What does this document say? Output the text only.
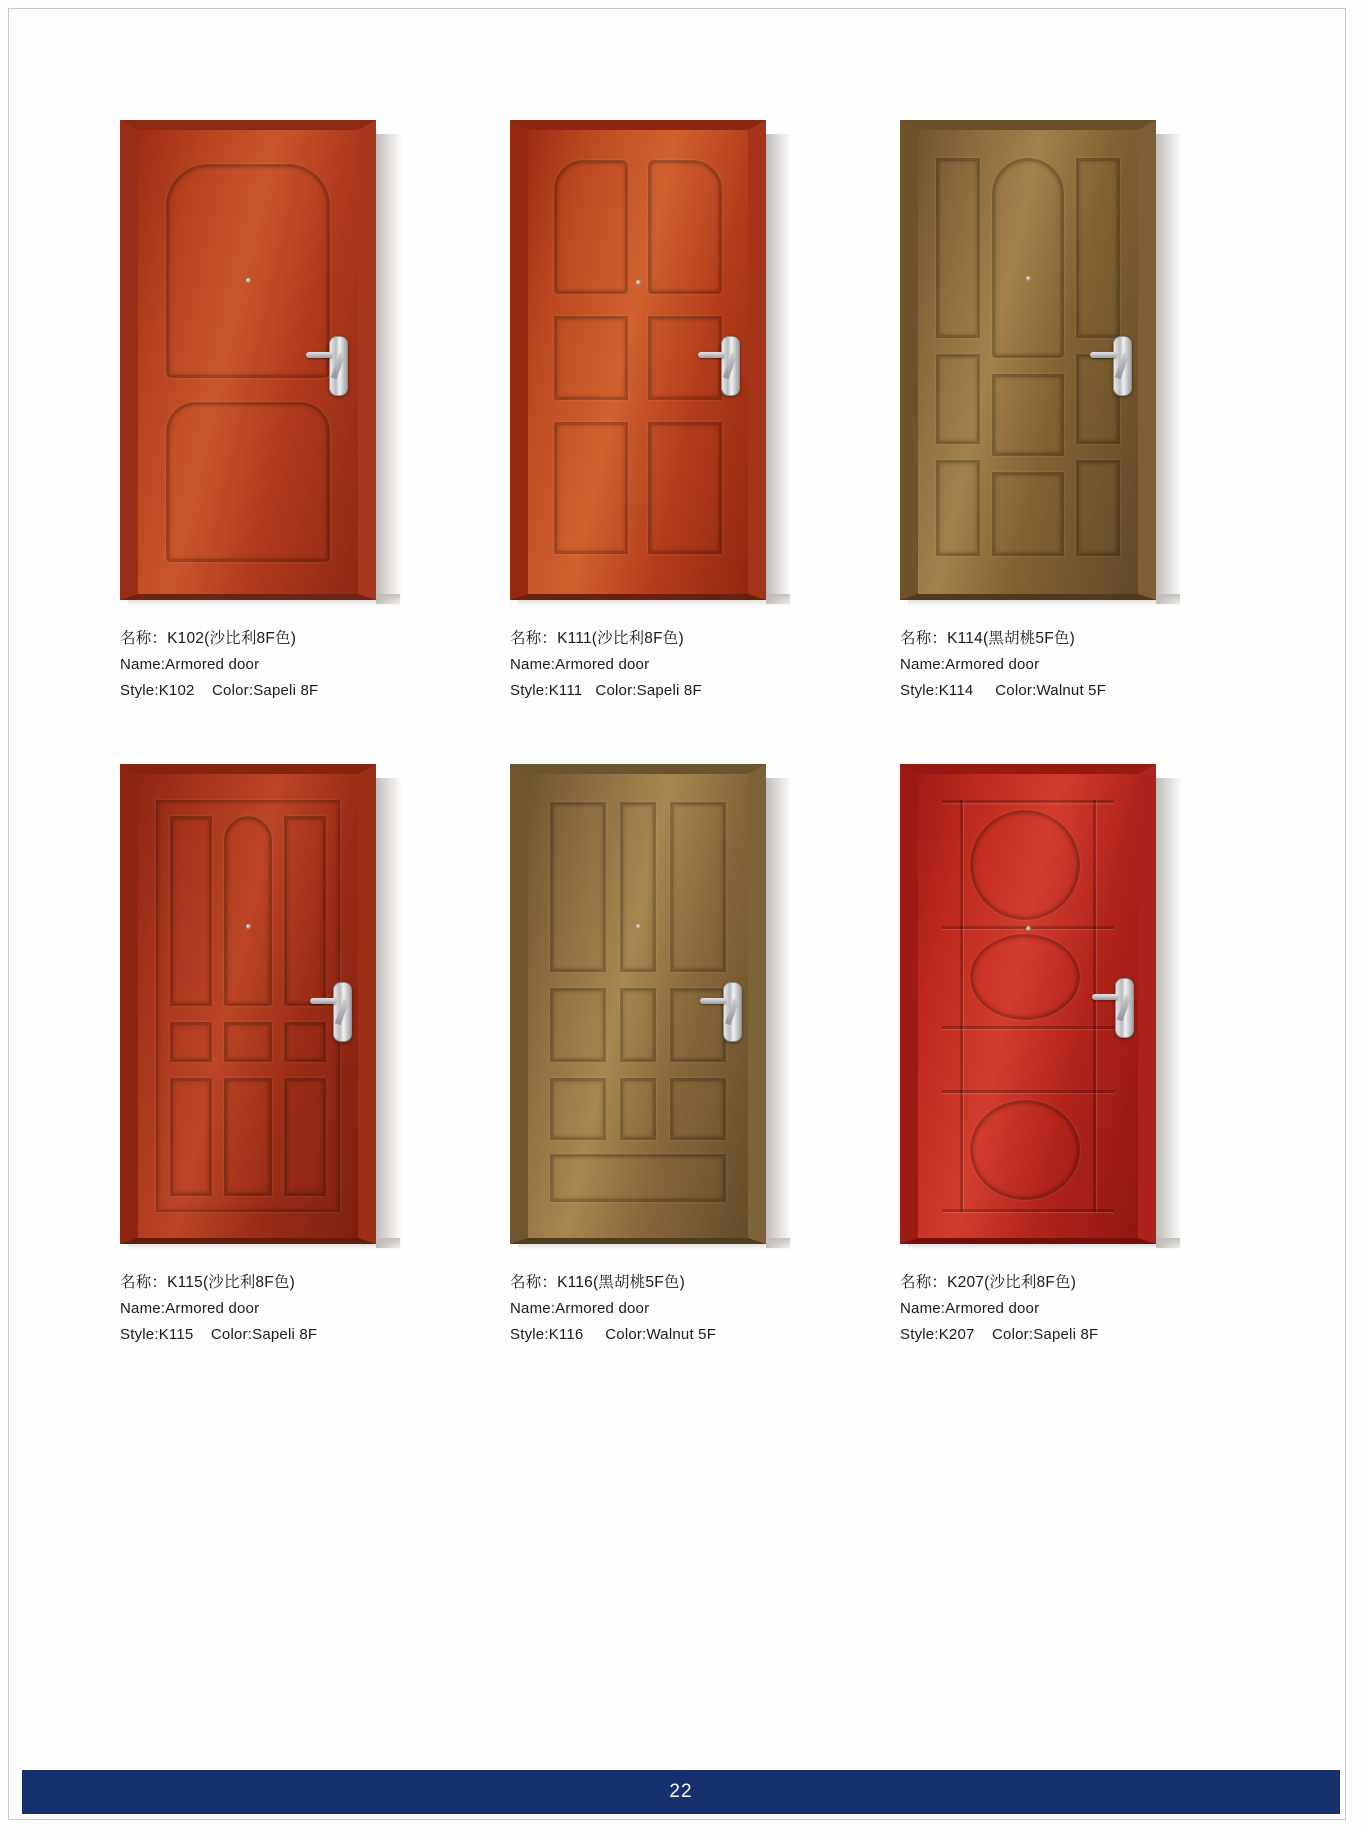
名称：K102(沙比利8F色)
Name:Armored door
Style:K102    Color:Sapeli 8F
名称：K111(沙比利8F色)
Name:Armored door
Style:K111   Color:Sapeli 8F
名称：K114(黑胡桃5F色)
Name:Armored door
Style:K114     Color:Walnut 5F
名称：K115(沙比利8F色)
Name:Armored door
Style:K115    Color:Sapeli 8F
名称：K116(黑胡桃5F色)
Name:Armored door
Style:K116     Color:Walnut 5F
名称：K207(沙比利8F色)
Name:Armored door
Style:K207    Color:Sapeli 8F
22
